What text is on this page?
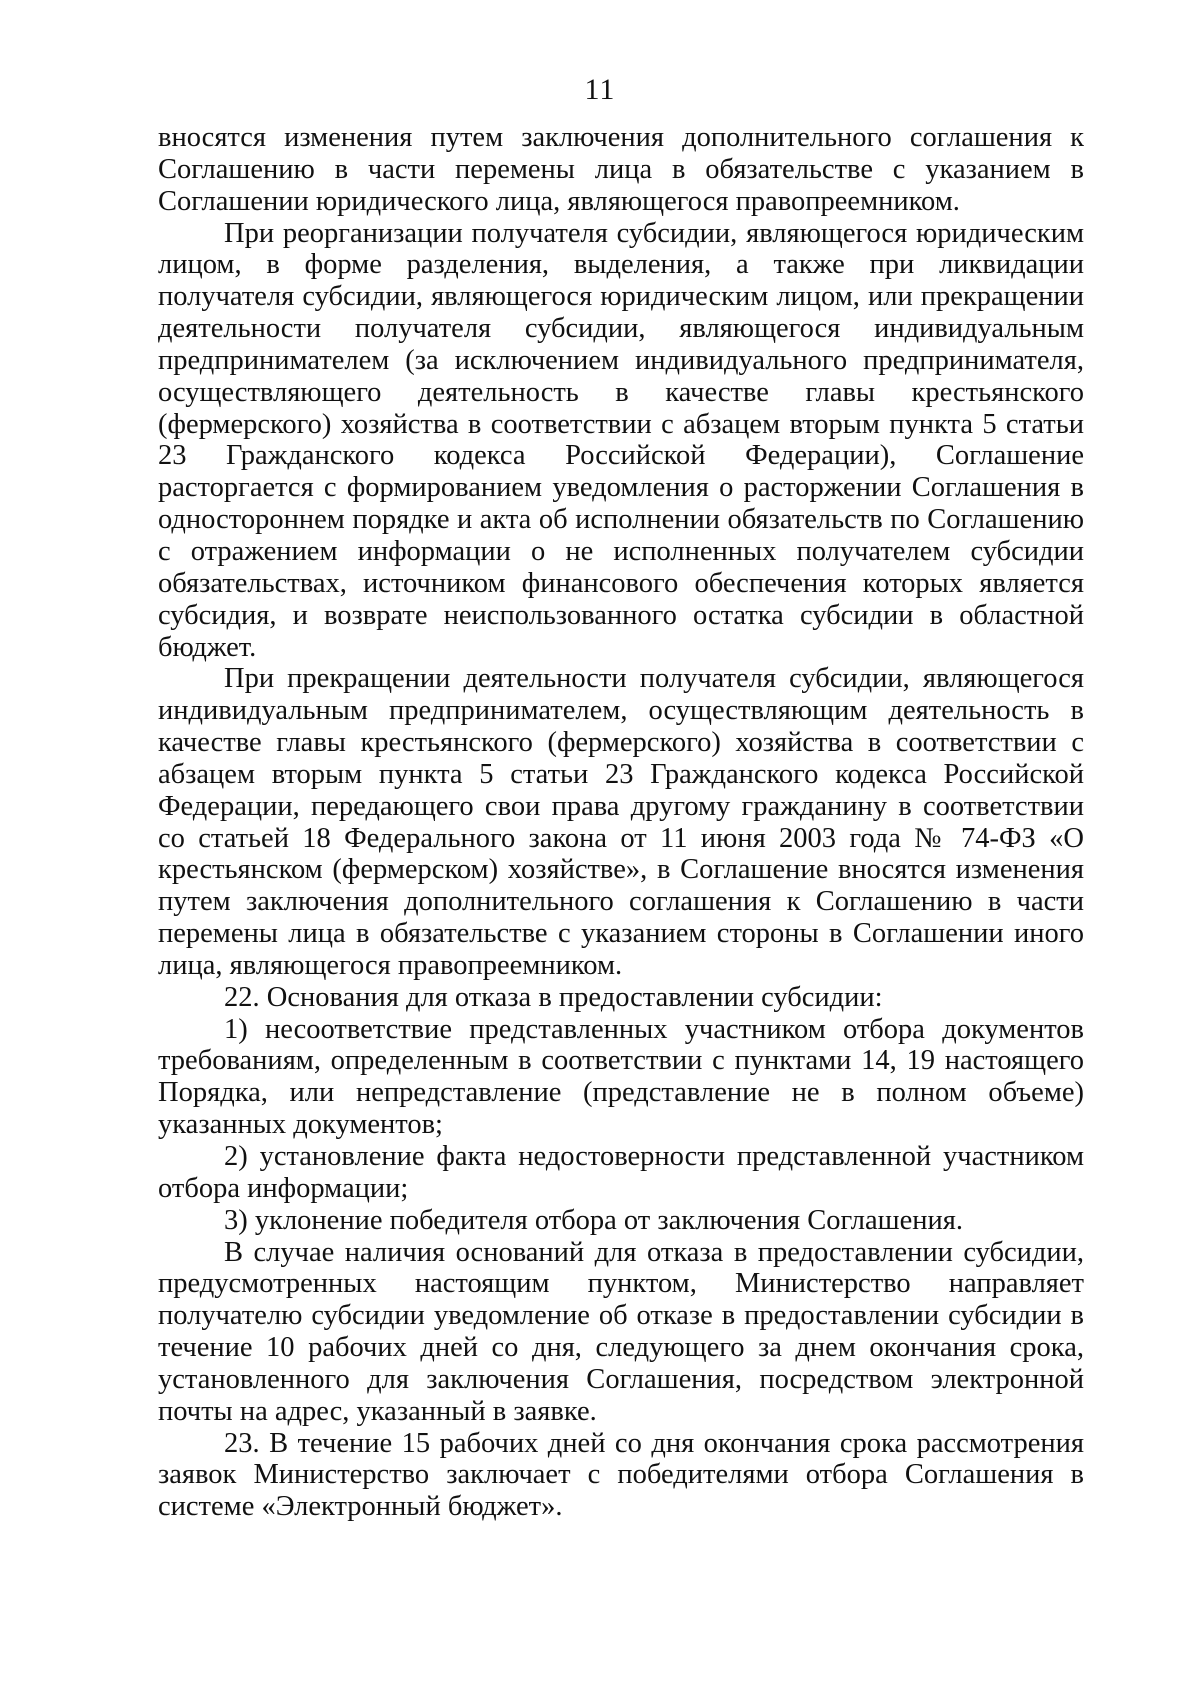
11

вносятся изменения путем заключения дополнительного соглашения к Соглашению в части перемены лица в обязательстве с указанием в Соглашении юридического лица, являющегося правопреемником.

При реорганизации получателя субсидии, являющегося юридическим лицом, в форме разделения, выделения, а также при ликвидации получателя субсидии, являющегося юридическим лицом, или прекращении деятельности получателя субсидии, являющегося индивидуальным предпринимателем (за исключением индивидуального предпринимателя, осуществляющего деятельность в качестве главы крестьянского (фермерского) хозяйства в соответствии с абзацем вторым пункта 5 статьи 23 Гражданского кодекса Российской Федерации), Соглашение расторгается с формированием уведомления о расторжении Соглашения в одностороннем порядке и акта об исполнении обязательств по Соглашению с отражением информации о не исполненных получателем субсидии обязательствах, источником финансового обеспечения которых является субсидия, и возврате неиспользованного остатка субсидии в областной бюджет.

При прекращении деятельности получателя субсидии, являющегося индивидуальным предпринимателем, осуществляющим деятельность в качестве главы крестьянского (фермерского) хозяйства в соответствии с абзацем вторым пункта 5 статьи 23 Гражданского кодекса Российской Федерации, передающего свои права другому гражданину в соответствии со статьей 18 Федерального закона от 11 июня 2003 года № 74-ФЗ «О крестьянском (фермерском) хозяйстве», в Соглашение вносятся изменения путем заключения дополнительного соглашения к Соглашению в части перемены лица в обязательстве с указанием стороны в Соглашении иного лица, являющегося правопреемником.

22. Основания для отказа в предоставлении субсидии:

1) несоответствие представленных участником отбора документов требованиям, определенным в соответствии с пунктами 14, 19 настоящего Порядка, или непредставление (представление не в полном объеме) указанных документов;

2) установление факта недостоверности представленной участником отбора информации;

3) уклонение победителя отбора от заключения Соглашения.

В случае наличия оснований для отказа в предоставлении субсидии, предусмотренных настоящим пунктом, Министерство направляет получателю субсидии уведомление об отказе в предоставлении субсидии в течение 10 рабочих дней со дня, следующего за днем окончания срока, установленного для заключения Соглашения, посредством электронной почты на адрес, указанный в заявке.

23. В течение 15 рабочих дней со дня окончания срока рассмотрения заявок Министерство заключает с победителями отбора Соглашения в системе «Электронный бюджет».
